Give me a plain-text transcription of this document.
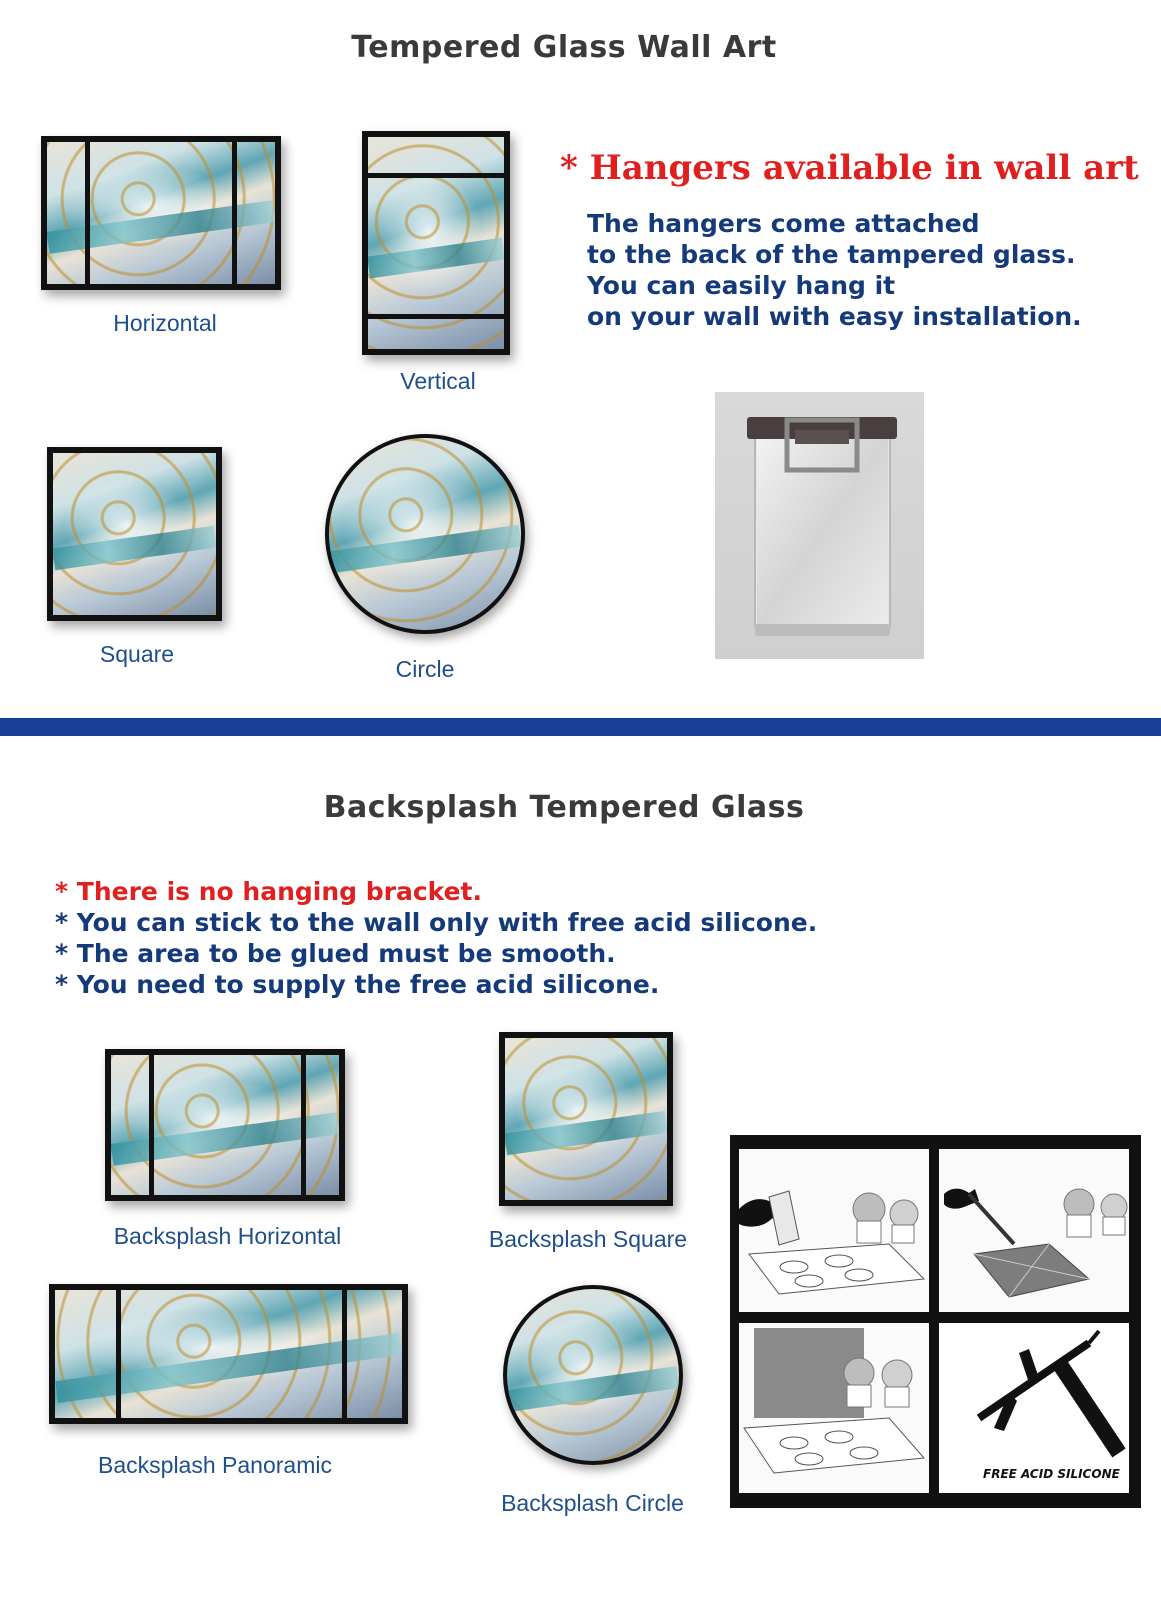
Tempered Glass Wall Art
Horizontal
Vertical
Square
Circle
* Hangers available in wall art
The hangers come attached
to the back of the tampered glass.
You can easily hang it
on your wall with easy installation.
Backsplash Tempered Glass
* There is no hanging bracket.
* You can stick to the wall only with free acid silicone.
* The area to be glued must be smooth.
* You need to supply the free acid silicone.
Backsplash Horizontal	Backsplash Square
Backsplash Panoramic
Backsplash Circle
FREE ACID SILICONE
